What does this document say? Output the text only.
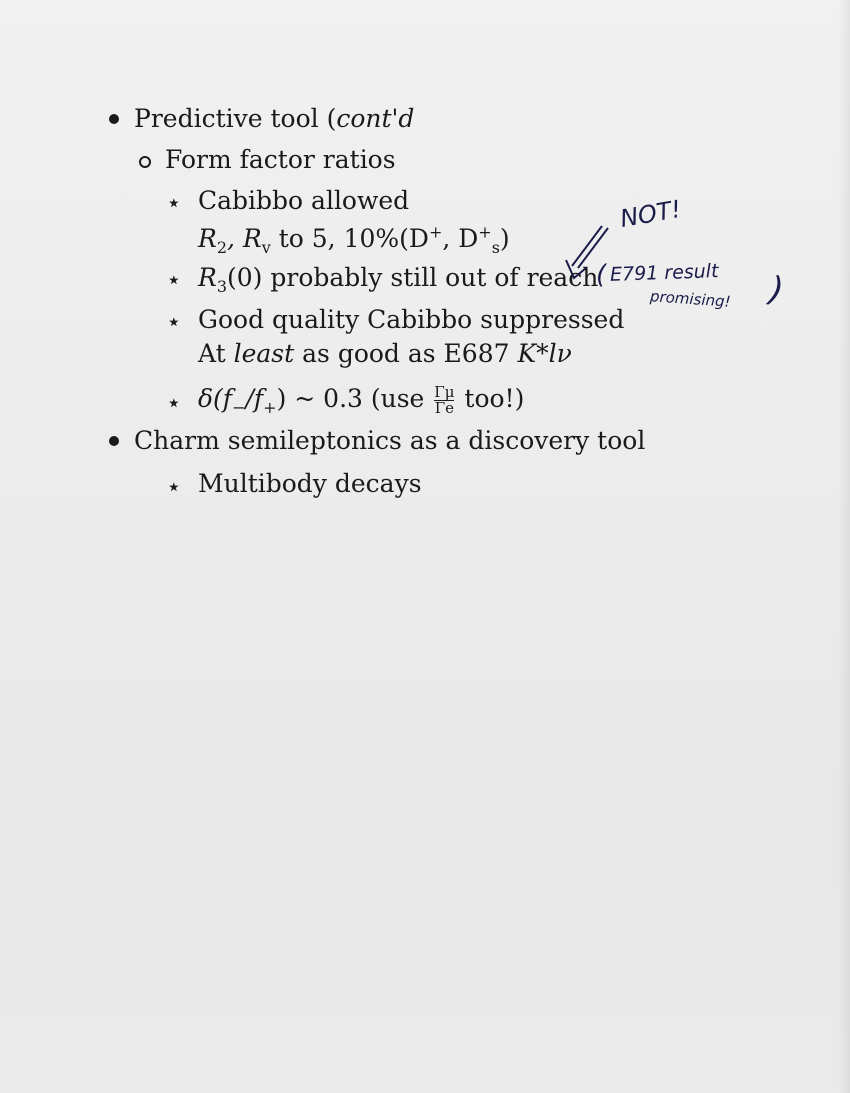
Predictive tool (cont'd
Form factor ratios
⋆ Cabibbo allowed
$R_2$, $R_v$ to 5, 10%(D+, $D^+_s$)
⋆ $R_3(0)$ probably still out of reach
⋆ Good quality Cabibbo suppressed
At least as good as E687 K*lν
⋆ $\delta(f_-/f_+)$ ~ 0.3 $(use \frac{\Gamma\mu}{\Gamma e} too!)$
Charm semileptonics as a discovery tool
⋆ Multibody decays
NOT!
( E791 result
promising! )
